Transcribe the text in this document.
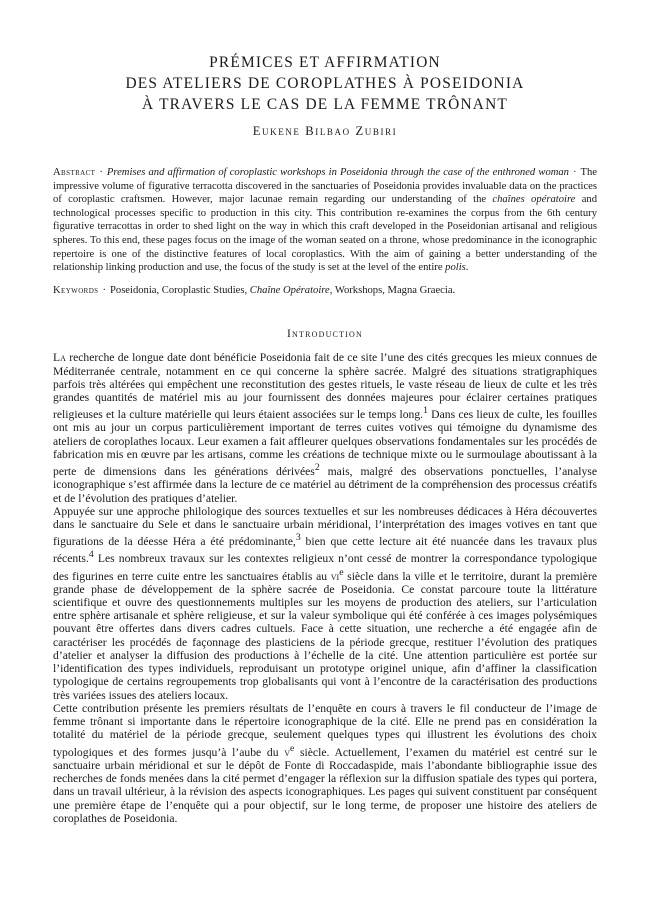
PRÉMICES ET AFFIRMATION
DES ATELIERS DE COROPLATHES À POSEIDONIA
À TRAVERS LE CAS DE LA FEMME TRÔNANT
Eukene Bilbao Zubiri
Abstract · Premises and affirmation of coroplastic workshops in Poseidonia through the case of the enthroned woman · The impressive volume of figurative terracotta discovered in the sanctuaries of Poseidonia provides invaluable data on the practices of coroplastic craftsmen. However, major lacunae remain regarding our understanding of the chaînes opératoire and technological processes specific to production in this city. This contribution re-examines the corpus from the 6th century figurative terracottas in order to shed light on the way in which this craft developed in the Poseidonian artisanal and religious spheres. To this end, these pages focus on the image of the woman seated on a throne, whose predominance in the iconographic repertoire is one of the distinctive features of local coroplastics. With the aim of gaining a better understanding of the relationship linking production and use, the focus of the study is set at the level of the entire polis.
Keywords · Poseidonia, Coroplastic Studies, Chaîne Opératoire, Workshops, Magna Graecia.
Introduction

La recherche de longue date dont bénéficie Poseidonia fait de ce site l’une des cités grecques les mieux connues de Méditerranée centrale, notamment en ce qui concerne la sphère sacrée. Malgré des situations stratigraphiques parfois très altérées qui empêchent une reconstitution des gestes rituels, le vaste réseau de lieux de culte et les très grandes quantités de matériel mis au jour fournissent des données majeures pour éclairer certaines pratiques religieuses et la culture matérielle qui leurs étaient associées sur le temps long.$^1$ Dans ces lieux de culte, les fouilles ont mis au jour un corpus particulièrement important de terres cuites votives qui témoigne du dynamisme des ateliers de coroplathes locaux. Leur examen a fait affleurer quelques observations fondamentales sur les procédés de fabrication mis en œuvre par les artisans, comme les créations de technique mixte ou le surmoulage aboutissant à la perte de dimensions dans les générations dérivées$^2$ mais, malgré des observations ponctuelles, l’analyse iconographique s’est affirmée dans la lecture de ce matériel au détriment de la compréhension des processus créatifs et de l’évolution des pratiques d’atelier.

Appuyée sur une approche philologique des sources textuelles et sur les nombreuses dédicaces à Héra découvertes dans le sanctuaire du Sele et dans le sanctuaire urbain méridional, l’interprétation des images votives en tant que figurations de la déesse Héra a été prédominante,$^3$ bien que cette lecture ait été nuancée dans les travaux plus récents.$^4$ Les nombreux travaux sur les contextes religieux n’ont cessé de montrer la correspondance typologique des figurines en terre cuite entre les sanctuaires établis au $vi^e$ siècle dans la ville et le territoire, durant la première grande phase de développement de la sphère sacrée de Poseidonia. Ce constat parcoure toute la littérature scientifique et ouvre des questionnements multiples sur les moyens de production des ateliers, sur l’articulation entre sphère artisanale et sphère religieuse, et sur la valeur symbolique qui été conférée à ces images polysémiques pouvant être offertes dans divers cadres cultuels. Face à cette situation, une recherche a été engagée afin de caractériser les procédés de façonnage des plasticiens de la période grecque, restituer l’évolution des pratiques d’atelier et analyser la diffusion des productions à l’échelle de la cité. Une attention particulière est portée sur l’identification des types individuels, reproduisant un prototype originel unique, afin d’affiner la classification typologique de certains regroupements trop globalisants qui vont à l’encontre de la caractérisation des productions très variées issues des ateliers locaux.

Cette contribution présente les premiers résultats de l’enquête en cours à travers le fil conducteur de l’image de femme trônant si importante dans le répertoire iconographique de la cité. Elle ne prend pas en considération la totalité du matériel de la période grecque, seulement quelques types qui illustrent les évolutions des choix typologiques et des formes jusqu’à l’aube du $v^e$ siècle. Actuellement, l’examen du matériel est centré sur le sanctuaire urbain méridional et sur le dépôt de Fonte di Roccadaspide, mais l’abondante bibliographie issue des recherches de fonds menées dans la cité permet d’engager la réflexion sur la diffusion spatiale des types qui portera, dans un travail ultérieur, à la révision des aspects iconographiques. Les pages qui suivent constituent par conséquent une première étape de l’enquête qui a pour objectif, sur le long terme, de proposer une histoire des ateliers de coroplathes de Poseidonia.
